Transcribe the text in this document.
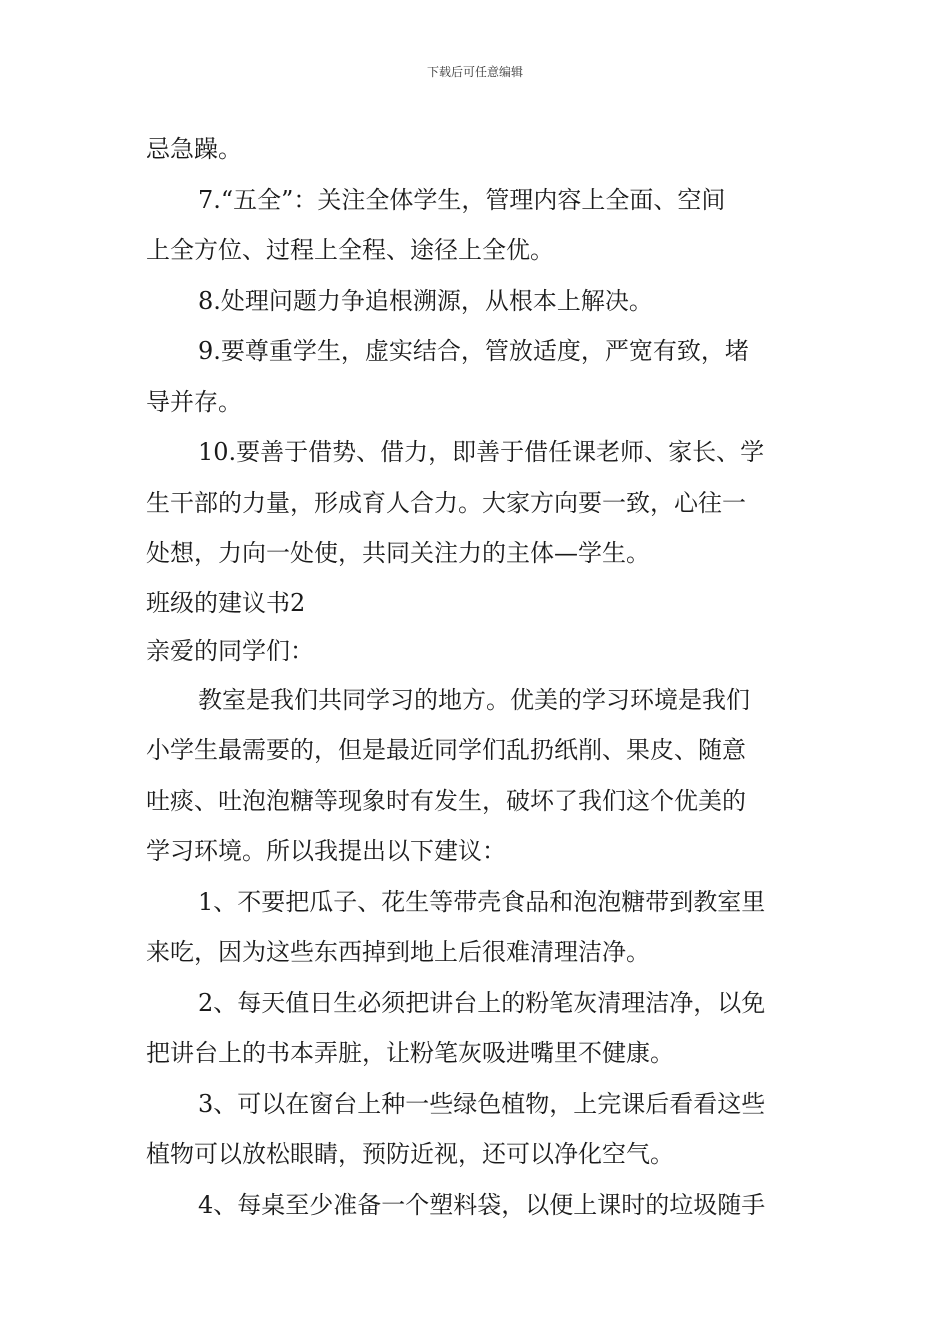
下载后可任意编辑
忌急躁。
7.“五全”：关注全体学生，管理内容上全面、空间
上全方位、过程上全程、途径上全优。
8.处理问题力争追根溯源，从根本上解决。
9.要尊重学生，虚实结合，管放适度，严宽有致，堵
导并存。
10.要善于借势、借力，即善于借任课老师、家长、学
生干部的力量，形成育人合力。大家方向要一致，心往一
处想，力向一处使，共同关注力的主体—学生。
班级的建议书2
亲爱的同学们：
教室是我们共同学习的地方。优美的学习环境是我们
小学生最需要的，但是最近同学们乱扔纸削、果皮、随意
吐痰、吐泡泡糖等现象时有发生，破坏了我们这个优美的
学习环境。所以我提出以下建议：
1、不要把瓜子、花生等带壳食品和泡泡糖带到教室里
来吃，因为这些东西掉到地上后很难清理洁净。
2、每天值日生必须把讲台上的粉笔灰清理洁净，以免
把讲台上的书本弄脏，让粉笔灰吸进嘴里不健康。
3、可以在窗台上种一些绿色植物，上完课后看看这些
植物可以放松眼睛，预防近视，还可以净化空气。
4、每桌至少准备一个塑料袋，以便上课时的垃圾随手
